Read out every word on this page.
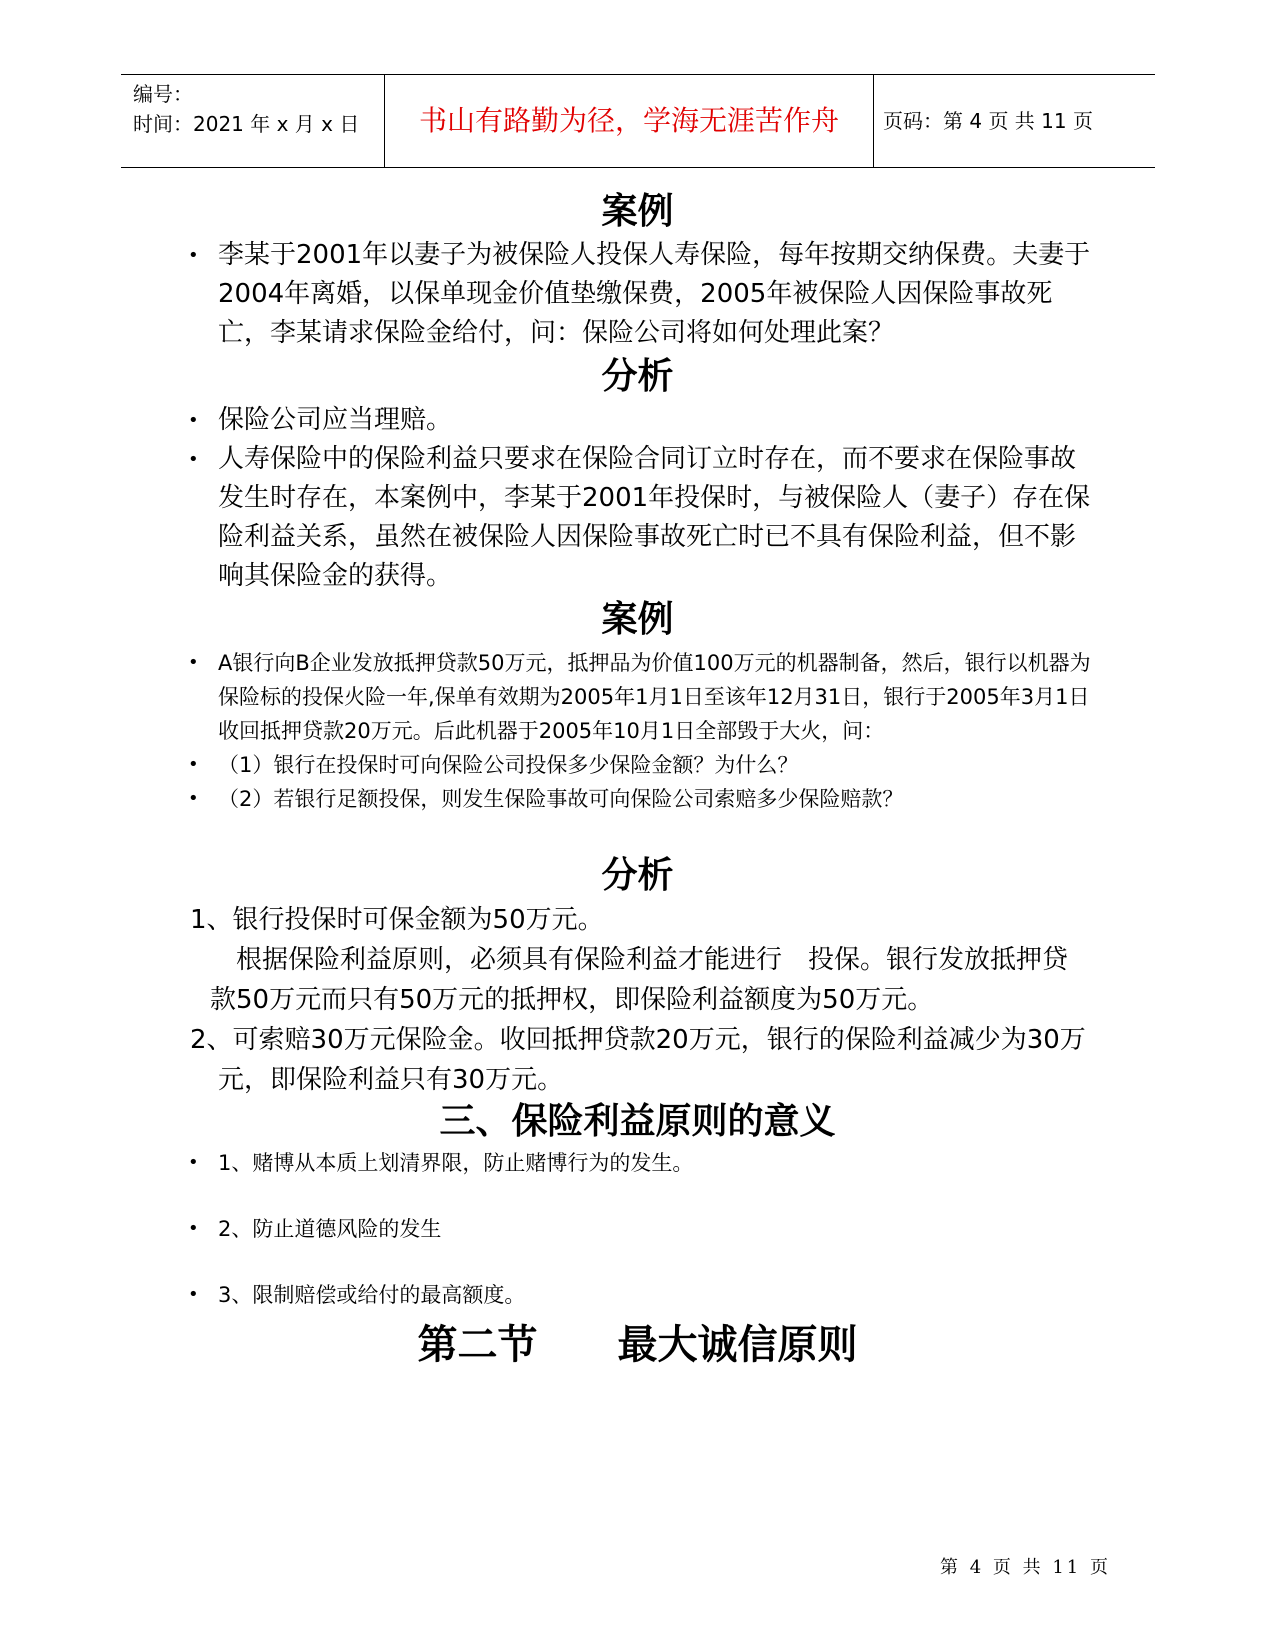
编号：
时间：2021 年 x 月 x 日	书山有路勤为径，学海无涯苦作舟	页码：第 4 页 共 11 页
案例
• 李某于2001年以妻子为被保险人投保人寿保险，每年按期交纳保费。夫妻于2004年离婚，以保单现金价值垫缴保费，2005年被保险人因保险事故死亡，李某请求保险金给付，问：保险公司将如何处理此案？
分析
• 保险公司应当理赔。
• 人寿保险中的保险利益只要求在保险合同订立时存在，而不要求在保险事故发生时存在，本案例中，李某于2001年投保时，与被保险人（妻子）存在保险利益关系，虽然在被保险人因保险事故死亡时已不具有保险利益，但不影响其保险金的获得。
案例
• A银行向B企业发放抵押贷款50万元，抵押品为价值100万元的机器制备，然后，银行以机器为保险标的投保火险一年,保单有效期为2005年1月1日至该年12月31日，银行于2005年3月1日收回抵押贷款20万元。后此机器于2005年10月1日全部毁于大火，问：
• （1）银行在投保时可向保险公司投保多少保险金额？为什么？
• （2）若银行足额投保，则发生保险事故可向保险公司索赔多少保险赔款？
分析
1、银行投保时可保金额为50万元。
根据保险利益原则，必须具有保险利益才能进行　投保。银行发放抵押贷款50万元而只有50万元的抵押权，即保险利益额度为50万元。
2、可索赔30万元保险金。收回抵押贷款20万元，银行的保险利益减少为30万元，即保险利益只有30万元。
三、保险利益原则的意义
• 1、赌博从本质上划清界限，防止赌博行为的发生。
• 2、防止道德风险的发生
• 3、限制赔偿或给付的最高额度。
第二节　　最大诚信原则
第 4 页 共 11 页
